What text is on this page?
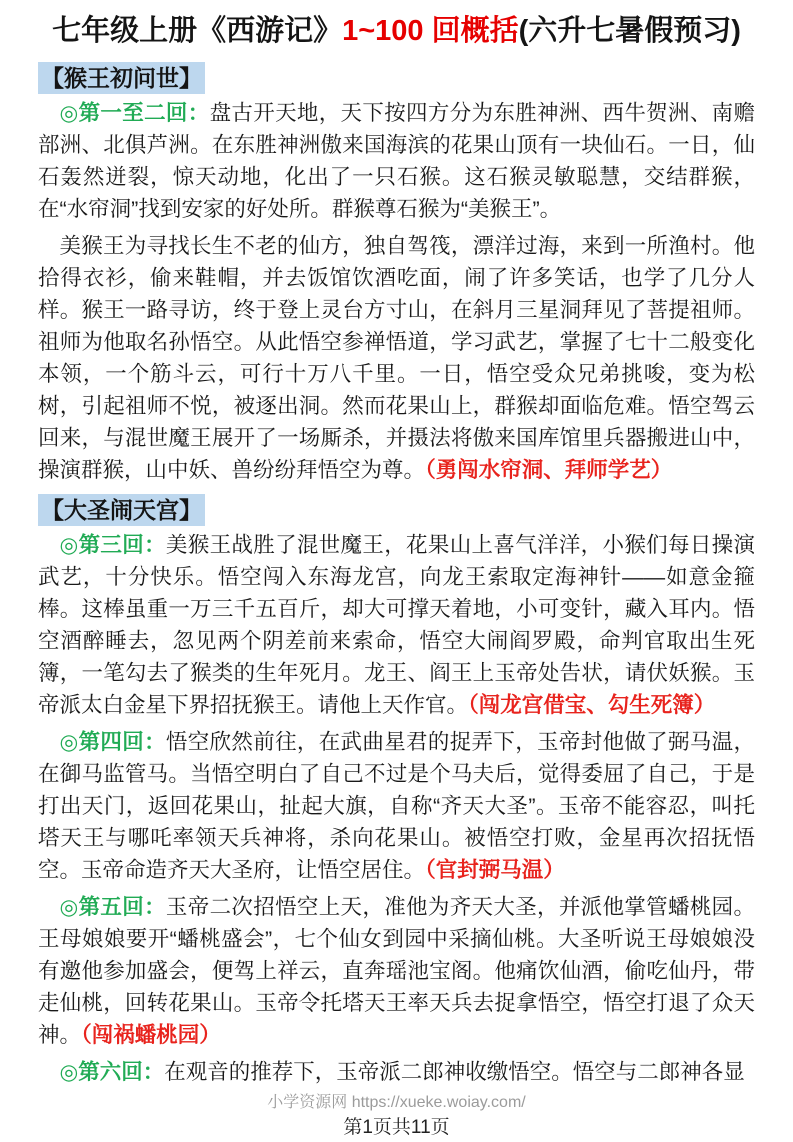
七年级上册《西游记》1~100 回概括(六升七暑假预习)
【猴王初问世】

◎第一至二回：盘古开天地，天下按四方分为东胜神洲、西牛贺洲、南赡部洲、北俱芦洲。在东胜神洲傲来国海滨的花果山顶有一块仙石。一日，仙石轰然迸裂，惊天动地，化出了一只石猴。这石猴灵敏聪慧，交结群猴，在“水帘洞”找到安家的好处所。群猴尊石猴为“美猴王”。

美猴王为寻找长生不老的仙方，独自驾筏，漂洋过海，来到一所渔村。他拾得衣衫，偷来鞋帽，并去饭馆饮酒吃面，闹了许多笑话，也学了几分人样。猴王一路寻访，终于登上灵台方寸山，在斜月三星洞拜见了菩提祖师。祖师为他取名孙悟空。从此悟空参禅悟道，学习武艺，掌握了七十二般变化本领，一个筋斗云，可行十万八千里。一日，悟空受众兄弟挑唆，变为松树，引起祖师不悦，被逐出洞。然而花果山上，群猴却面临危难。悟空驾云回来，与混世魔王展开了一场厮杀，并摄法将傲来国库馆里兵器搬进山中，操演群猴，山中妖、兽纷纷拜悟空为尊。（勇闯水帘洞、拜师学艺）

【大圣闹天宫】

◎第三回：美猴王战胜了混世魔王，花果山上喜气洋洋，小猴们每日操演武艺，十分快乐。悟空闯入东海龙宫，向龙王索取定海神针——如意金箍棒。这棒虽重一万三千五百斤，却大可撑天着地，小可变针，藏入耳内。悟空酒醉睡去，忽见两个阴差前来索命，悟空大闹阎罗殿，命判官取出生死簿，一笔勾去了猴类的生年死月。龙王、阎王上玉帝处告状，请伏妖猴。玉帝派太白金星下界招抚猴王。请他上天作官。（闯龙宫借宝、勾生死簿）

◎第四回：悟空欣然前往，在武曲星君的捉弄下，玉帝封他做了弼马温，在御马监管马。当悟空明白了自己不过是个马夫后，觉得委屈了自己，于是打出天门，返回花果山，扯起大旗，自称“齐天大圣”。玉帝不能容忍，叫托塔天王与哪吒率领天兵神将，杀向花果山。被悟空打败，金星再次招抚悟空。玉帝命造齐天大圣府，让悟空居住。（官封弼马温）

◎第五回：玉帝二次招悟空上天，准他为齐天大圣，并派他掌管蟠桃园。王母娘娘要开“蟠桃盛会”，七个仙女到园中采摘仙桃。大圣听说王母娘娘没有邀他参加盛会，便驾上祥云，直奔瑶池宝阁。他痛饮仙酒，偷吃仙丹，带走仙桃，回转花果山。玉帝令托塔天王率天兵去捉拿悟空，悟空打退了众天神。（闯祸蟠桃园）

◎第六回：在观音的推荐下，玉帝派二郎神收缴悟空。悟空与二郎神各显

小学资源网 https://xueke.woiay.com/
第1页共11页
